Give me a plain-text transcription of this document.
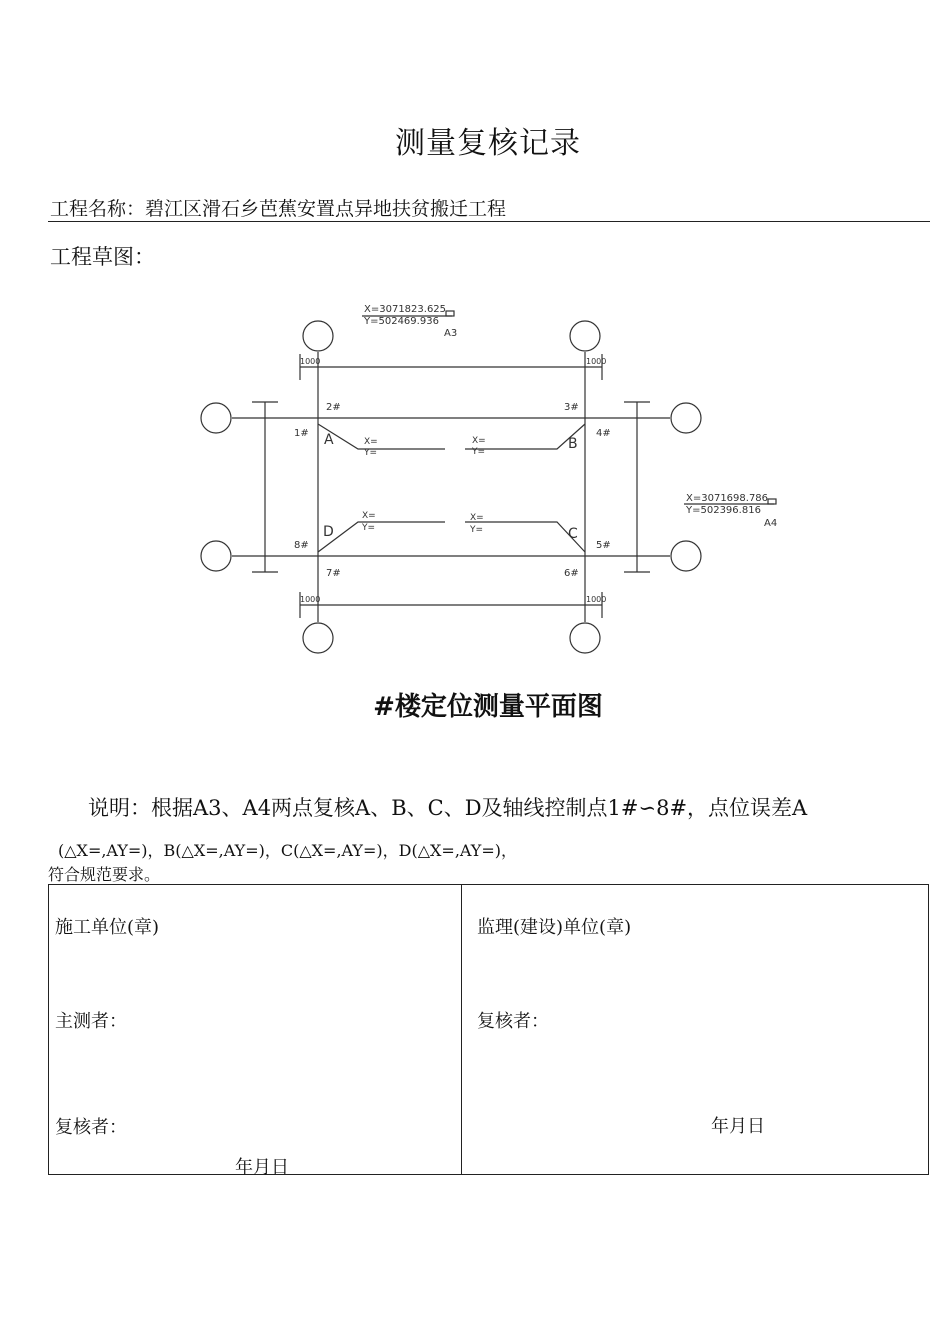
测量复核记录
工程名称：碧江区滑石乡芭蕉安置点异地扶贫搬迁工程
工程草图：
X=3071823.625
Y=502469.936
A3
X=3071698.786
Y=502396.816
A4
A	B
C
D
1#
2#	3#
4#
5#
6#
7#
8#
1000	1000
1000	1000
X=
Y=
X=
Y=
X=
Y=
X=
Y=
#楼定位测量平面图
说明：根据A3、A4两点复核A、B、C、D及轴线控制点1#∽8#，点位误差A
(△X=,AY=)，B(△X=,AY=)，C(△X=,AY=)，D(△X=,AY=)，
符合规范要求。
施工单位(章)
主测者：
复核者：
年月日
监理(建设)单位(章)
复核者：
年月日
